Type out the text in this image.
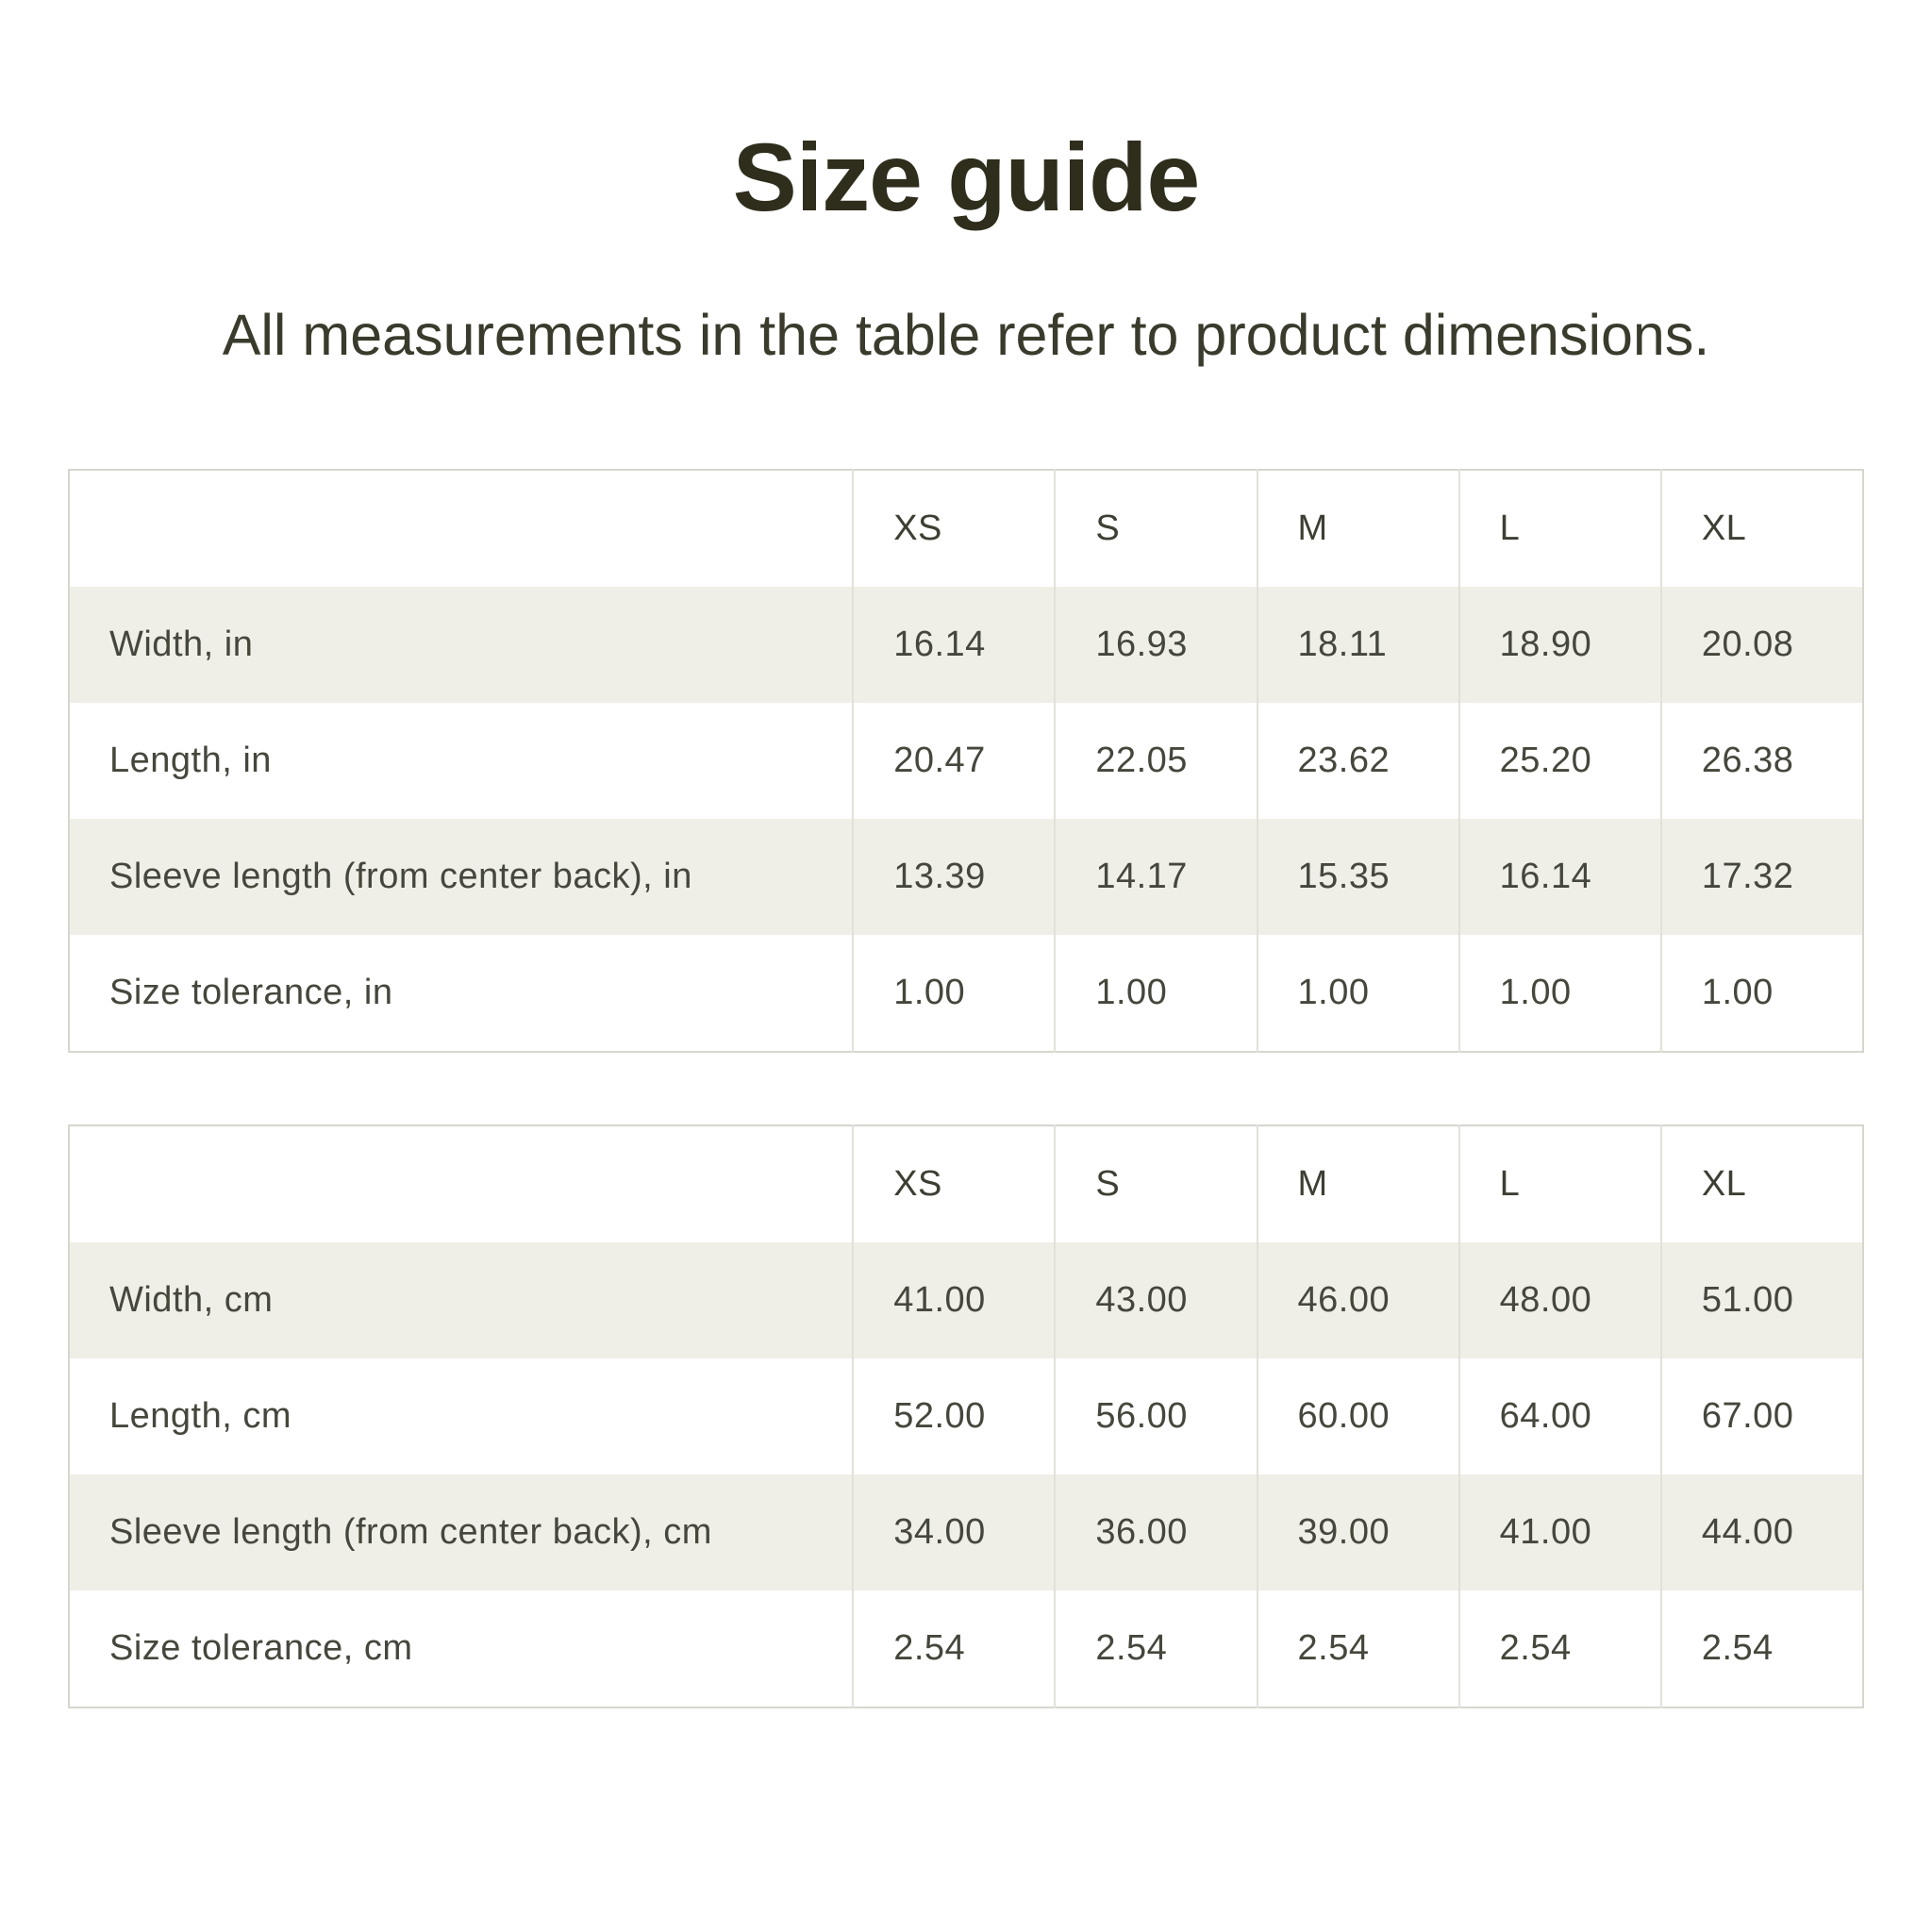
Size guide

All measurements in the table refer to product dimensions.

	XS	S	M	L	XL
Width, in	16.14	16.93	18.11	18.90	20.08
Length, in	20.47	22.05	23.62	25.20	26.38
Sleeve length (from center back), in	13.39	14.17	15.35	16.14	17.32
Size tolerance, in	1.00	1.00	1.00	1.00	1.00
	XS	S	M	L	XL
Width, cm	41.00	43.00	46.00	48.00	51.00
Length, cm	52.00	56.00	60.00	64.00	67.00
Sleeve length (from center back), cm	34.00	36.00	39.00	41.00	44.00
Size tolerance, cm	2.54	2.54	2.54	2.54	2.54
